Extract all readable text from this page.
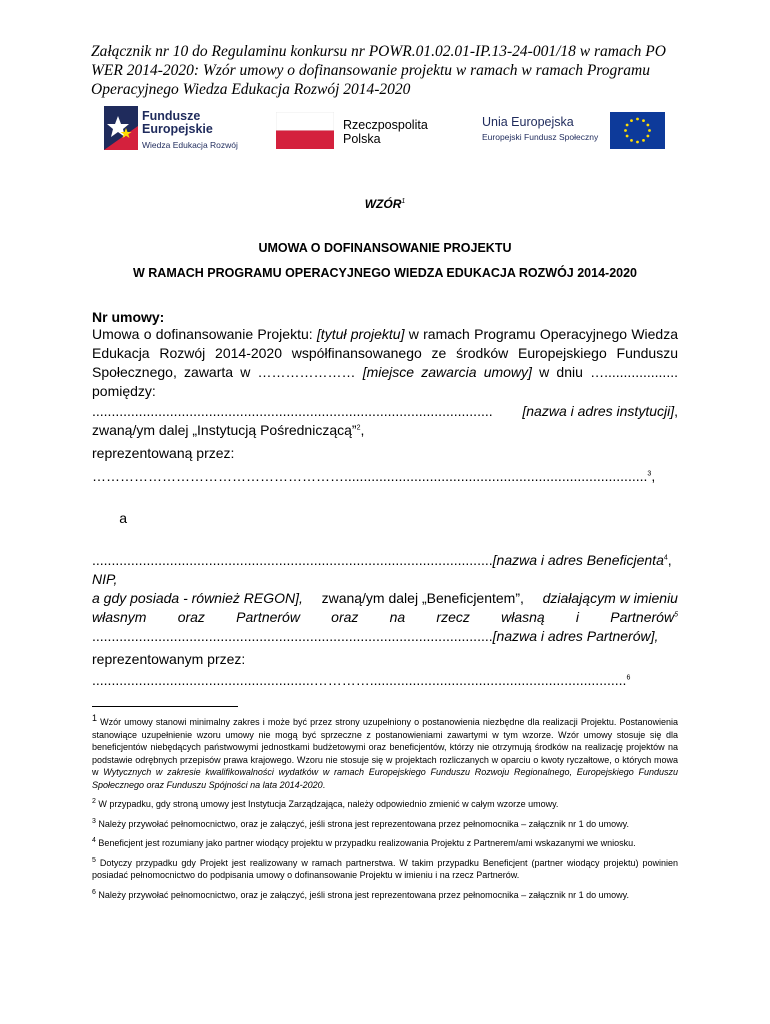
Załącznik nr 10 do Regulaminu konkursu nr POWR.01.02.01-IP.13-24-001/18 w ramach PO WER 2014-2020: Wzór umowy o dofinansowanie projektu w ramach w ramach Programu Operacyjnego Wiedza Edukacja Rozwój 2014-2020
Fundusze
Europejskie
Wiedza Edukacja Rozwój
Rzeczpospolita
Polska
Unia Europejska
Europejski Fundusz Społeczny
WZÓR$^1$
UMOWA O DOFINANSOWANIE PROJEKTU
W RAMACH PROGRAMU OPERACYJNEGO WIEDZA EDUKACJA ROZWÓJ 2014-2020
Nr umowy:
Umowa o dofinansowanie Projektu: [tytuł projektu] w ramach Programu Operacyjnego Wiedza Edukacja Rozwój 2014-2020 współfinansowanego ze środków Europejskiego Funduszu Społecznego, zawarta w ………………… [miejsce zawarcia umowy] w dniu …................... pomiędzy:
....................................................................................................... [nazwa i adres instytucji],
zwaną/ym dalej „Instytucją Pośredniczącą”$^2$,
reprezentowaną przez:
………………………………………………..............................................................................$^3$,

a

.......................................................................................................[nazwa i adres Beneficjenta$^4$,
NIP,
a gdy posiada - również REGON], zwaną/ym dalej „Beneficjentem”, działającym w imieniu
własnym oraz Partnerów oraz na rzecz własną i Partnerów$^5$
.......................................................................................................[nazwa i adres Partnerów],
reprezentowanym przez:
.........................................................…………..................................................................$^6$

$^1$ Wzór umowy stanowi minimalny zakres i może być przez strony uzupełniony o postanowienia niezbędne dla realizacji Projektu. Postanowienia stanowiące uzupełnienie wzoru umowy nie mogą być sprzeczne z postanowieniami zawartymi w tym wzorze. Wzór umowy stosuje się dla beneficjentów niebędących państwowymi jednostkami budżetowymi oraz beneficjentów, którzy nie otrzymują środków na realizację projektów na podstawie odrębnych przepisów prawa krajowego. Wzoru nie stosuje się w projektach rozliczanych w oparciu o kwoty ryczałtowe, o których mowa w Wytycznych w zakresie kwalifikowalności wydatków w ramach Europejskiego Funduszu Rozwoju Regionalnego, Europejskiego Funduszu Społecznego oraz Funduszu Spójności na lata 2014-2020.

$^2$ W przypadku, gdy stroną umowy jest Instytucja Zarządzająca, należy odpowiednio zmienić w całym wzorze umowy.

$^3$ Należy przywołać pełnomocnictwo, oraz je załączyć, jeśli strona jest reprezentowana przez pełnomocnika – załącznik nr 1 do umowy.

$^4$ Beneficjent jest rozumiany jako partner wiodący projektu w przypadku realizowania Projektu z Partnerem/ami wskazanymi we wniosku.

$^5$ Dotyczy przypadku gdy Projekt jest realizowany w ramach partnerstwa. W takim przypadku Beneficjent (partner wiodący projektu) powinien posiadać pełnomocnictwo do podpisania umowy o dofinansowanie Projektu w imieniu i na rzecz Partnerów.

$^6$ Należy przywołać pełnomocnictwo, oraz je załączyć, jeśli strona jest reprezentowana przez pełnomocnika – załącznik nr 1 do umowy.
